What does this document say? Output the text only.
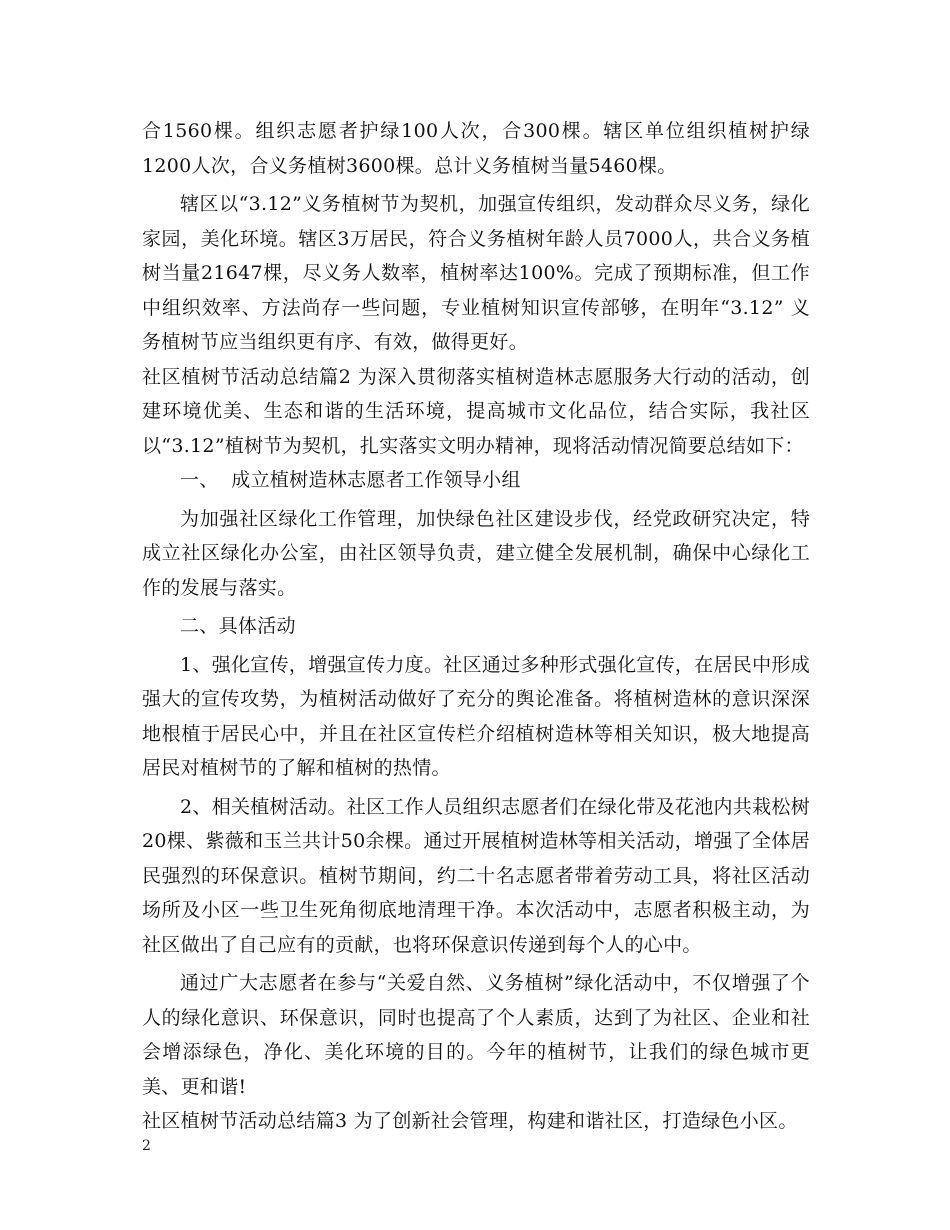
合1560棵。组织志愿者护绿100人次，合300棵。辖区单位组织植树护绿1200人次，合义务植树3600棵。总计义务植树当量5460棵。

辖区以“3.12”义务植树节为契机，加强宣传组织，发动群众尽义务，绿化家园，美化环境。辖区3万居民，符合义务植树年龄人员7000人，共合义务植树当量21647棵，尽义务人数率，植树率达100%。完成了预期标准，但工作中组织效率、方法尚存一些问题，专业植树知识宣传部够，在明年“3.12” 义务植树节应当组织更有序、有效，做得更好。

社区植树节活动总结篇2 为深入贯彻落实植树造林志愿服务大行动的活动，创建环境优美、生态和谐的生活环境，提高城市文化品位，结合实际，我社区以“3.12”植树节为契机，扎实落实文明办精神，现将活动情况简要总结如下：

一、  成立植树造林志愿者工作领导小组

为加强社区绿化工作管理，加快绿色社区建设步伐，经党政研究决定，特成立社区绿化办公室，由社区领导负责，建立健全发展机制，确保中心绿化工作的发展与落实。

二、具体活动

1、强化宣传，增强宣传力度。社区通过多种形式强化宣传，在居民中形成强大的宣传攻势，为植树活动做好了充分的舆论准备。将植树造林的意识深深地根植于居民心中，并且在社区宣传栏介绍植树造林等相关知识，极大地提高居民对植树节的了解和植树的热情。

2、相关植树活动。社区工作人员组织志愿者们在绿化带及花池内共栽松树20棵、紫薇和玉兰共计50余棵。通过开展植树造林等相关活动，增强了全体居民强烈的环保意识。植树节期间，约二十名志愿者带着劳动工具，将社区活动场所及小区一些卫生死角彻底地清理干净。本次活动中，志愿者积极主动，为社区做出了自己应有的贡献，也将环保意识传递到每个人的心中。

通过广大志愿者在参与“关爱自然、义务植树”绿化活动中，不仅增强了个人的绿化意识、环保意识，同时也提高了个人素质，达到了为社区、企业和社会增添绿色，净化、美化环境的目的。今年的植树节，让我们的绿色城市更美、更和谐!

社区植树节活动总结篇3 为了创新社会管理，构建和谐社区，打造绿色小区。

2
